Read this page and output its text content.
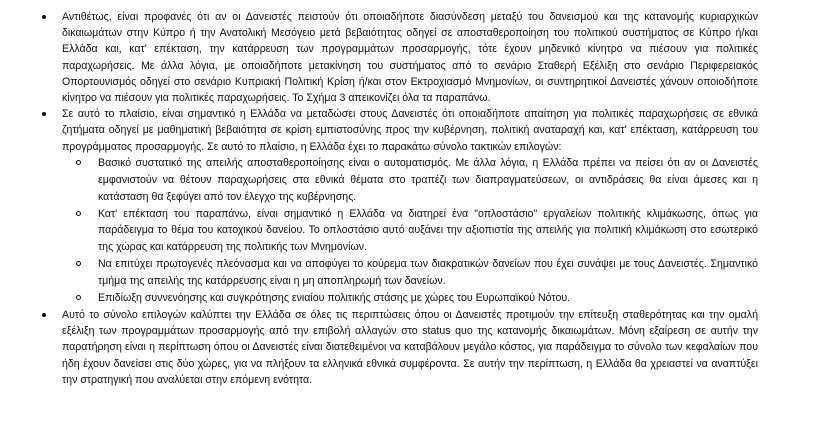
Αντιθέτως, είναι προφανές ότι αν οι Δανειστές πειστούν ότι οποιαδήποτε διασύνδεση μεταξύ του δανεισμού και της κατανομής κυριαρχικών δικαιωμάτων στην Κύπρο ή την Ανατολική Μεσόγειο μετά βεβαιότητας οδηγεί σε αποσταθεροποίηση του πολιτικού συστήματος σε Κύπρο ή/και Ελλάδα και, κατ' επέκταση, την κατάρρευση των προγραμμάτων προσαρμογής, τότε έχουν μηδενικό κίνητρο να πιέσουν για πολιτικές παραχωρήσεις. Με άλλα λόγια, με οποιαδήποτε μετακίνηση του συστήματος από το σενάριο Σταθερή Εξέλιξη στο σενάριο Περιφερειακός Οπορτουνισμός οδηγεί στο σενάριο Κυπριακή Πολιτική Κρίση ή/και στον Εκτροχιασμό Μνημονίων, οι συντηρητικοί Δανειστές χάνουν οποιοδήποτε κίνητρο να πιέσουν για πολιτικές παραχωρήσεις. Το Σχήμα 3 απεικονίζει όλα τα παραπάνω.
Σε αυτό το πλαίσιο, είναι σημαντικό η Ελλάδα να μεταδώσει στους Δανειστές ότι οποιαδήποτε απαίτηση για πολιτικές παραχωρήσεις σε εθνικά ζητήματα οδηγεί με μαθηματική βεβαιότητα σε κρίση εμπιστοσύνης προς την κυβέρνηση, πολιτική αναταραχή και, κατ' επέκταση, κατάρρευση του προγράμματος προσαρμογής. Σε αυτό το πλαίσιο, η Ελλάδα έχει το παρακάτω σύνολο τακτικών επιλογών:
Βασικό συστατικό της απειλής αποσταθεροποίησης είναι ο αυτοματισμός. Με άλλα λόγια, η Ελλάδα πρέπει να πείσει ότι αν οι Δανειστές εμφανιστούν να θέτουν παραχωρήσεις στα εθνικά θέματα στο τραπέζι των διαπραγματεύσεων, οι αντιδράσεις θα είναι άμεσες και η κατάσταση θα ξεφύγει από τον έλεγχο της κυβέρνησης.
Κατ' επέκταση του παραπάνω, είναι σημαντικό η Ελλάδα να διατηρεί ένα "οπλοστάσιο" εργαλείων πολιτικής κλιμάκωσης, όπως για παράδειγμα το θέμα του κατοχικού δανείου. Το οπλοστάσιο αυτό αυξάνει την αξιοπιστία της απειλής για πολιτική κλιμάκωση στο εσωτερικό της χώρας και κατάρρευση της πολιτικής των Μνημονίων.
Να επιτύχει πρωτογενές πλεόνασμα και να αποφύγει το κούρεμα των διακρατικών δανείων που έχει συνάψει με τους Δανειστές. Σημαντικό τμήμα της απειλής της κατάρρευσης είναι η μη αποπληρωμή των δανείων.
Επιδίωξη συννενόησης και συγκρότησης ενιαίου πολιτικής στάσης με χώρες του Ευρωπαϊκού Νότου.
Αυτό το σύνολο επιλογών καλύπτει την Ελλάδα σε όλες τις περιπτώσεις όπου οι Δανειστές προτιμούν την επίτευξη σταθερότητας και την ομαλή εξέλιξη των προγραμμάτων προσαρμογής από την επιβολή αλλαγών στο status quo της κατανομής δικαιωμάτων. Μόνη εξαίρεση σε αυτήν την παρατήρηση είναι η περίπτωση όπου οι Δανειστές είναι διατεθειμένοι να καταβάλουν μεγάλο κόστος, για παράδειγμα το σύνολο των κεφαλαίων που ήδη έχουν δανείσει στις δύο χώρες, για να πλήξουν τα ελληνικά εθνικά συμφέροντα. Σε αυτήν την περίπτωση, η Ελλάδα θα χρειαστεί να αναπτύξει την στρατηγική που αναλύεται στην επόμενη ενότητα.
